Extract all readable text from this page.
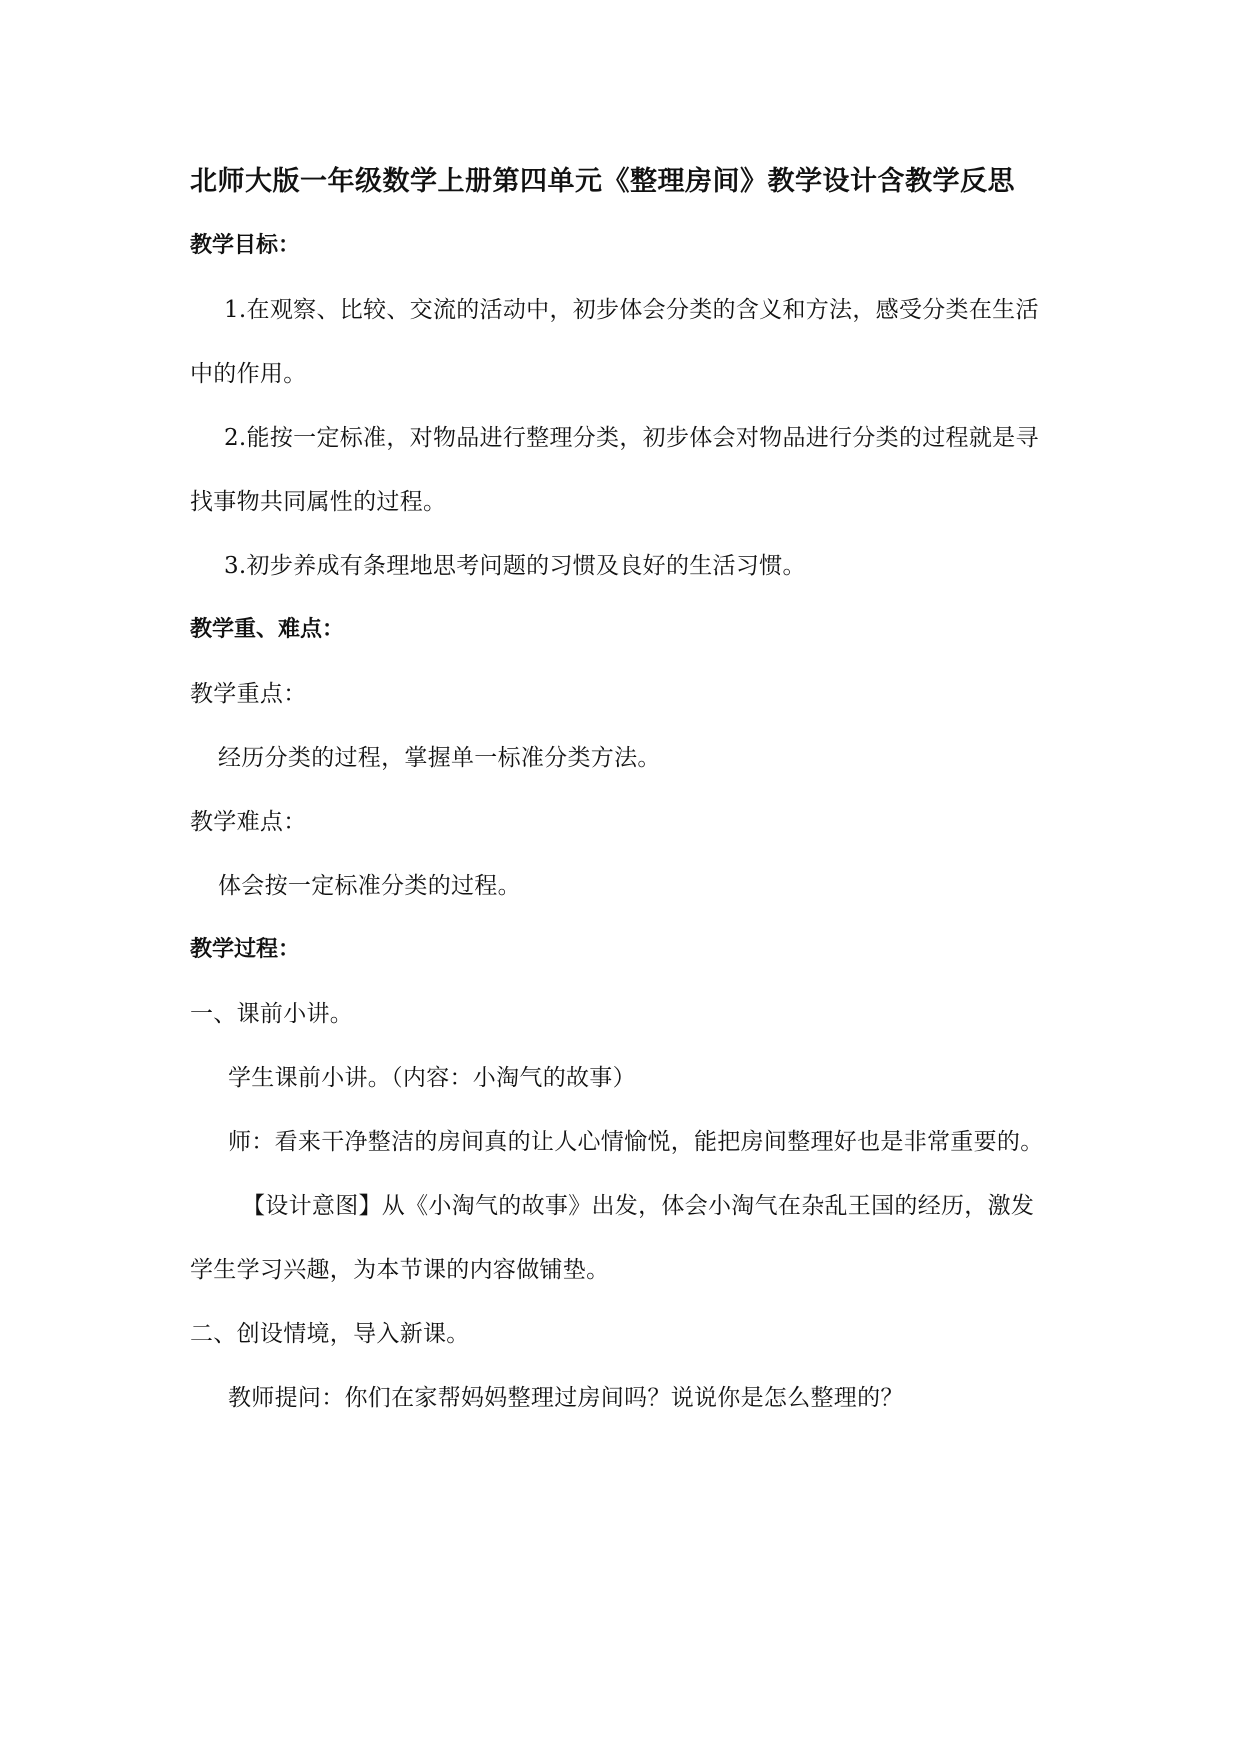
北师大版一年级数学上册第四单元《整理房间》教学设计含教学反思

教学目标：

1.在观察、比较、交流的活动中，初步体会分类的含义和方法，感受分类在生活中的作用。

2.能按一定标准，对物品进行整理分类，初步体会对物品进行分类的过程就是寻找事物共同属性的过程。

3.初步养成有条理地思考问题的习惯及良好的生活习惯。

教学重、难点：

教学重点：

经历分类的过程，掌握单一标准分类方法。

教学难点：

体会按一定标准分类的过程。

教学过程：

一、课前小讲。

学生课前小讲。（内容：小淘气的故事）

师：看来干净整洁的房间真的让人心情愉悦，能把房间整理好也是非常重要的。

【设计意图】从《小淘气的故事》出发，体会小淘气在杂乱王国的经历，激发学生学习兴趣，为本节课的内容做铺垫。

二、创设情境，导入新课。

教师提问：你们在家帮妈妈整理过房间吗？说说你是怎么整理的？
